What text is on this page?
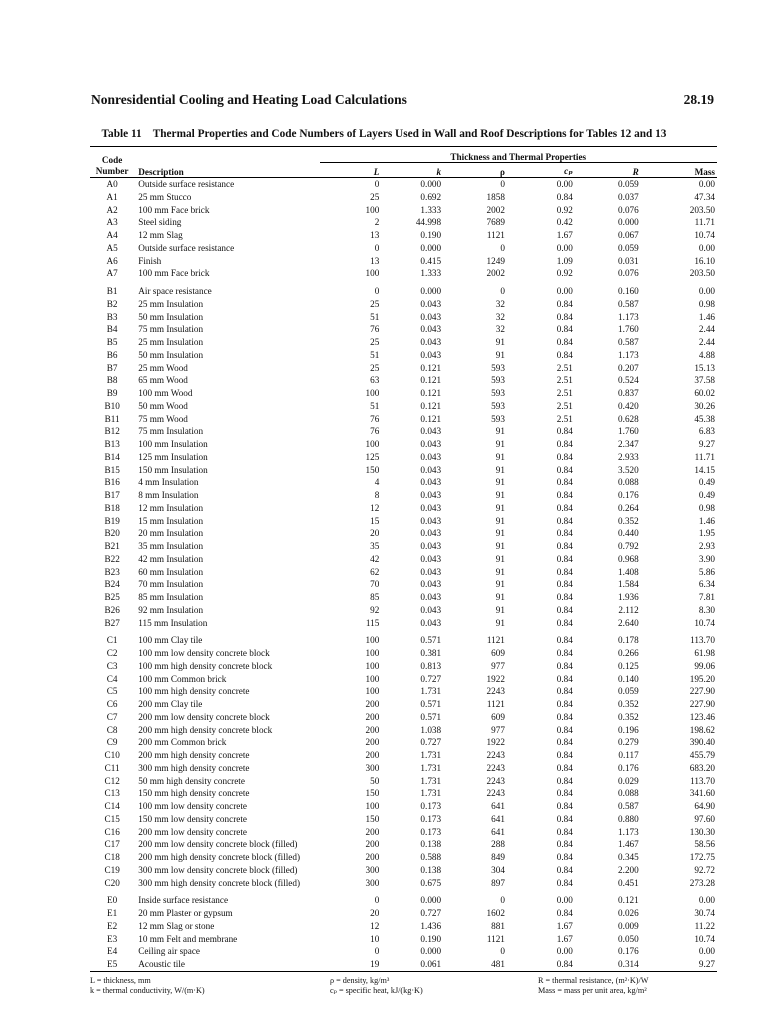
Nonresidential Cooling and Heating Load Calculations	28.19
Table 11    Thermal Properties and Code Numbers of Layers Used in Wall and Roof Descriptions for Tables 12 and 13
Code
Number	Description	Thickness and Thermal Properties					
		L	k	ρ	cₚ	R	Mass
A0	Outside surface resistance	0	0.000	0	0.00	0.059	0.00
A1	25 mm Stucco	25	0.692	1858	0.84	0.037	47.34
A2	100 mm Face brick	100	1.333	2002	0.92	0.076	203.50
A3	Steel siding	2	44.998	7689	0.42	0.000	11.71
A4	12 mm Slag	13	0.190	1121	1.67	0.067	10.74
A5	Outside surface resistance	0	0.000	0	0.00	0.059	0.00
A6	Finish	13	0.415	1249	1.09	0.031	16.10
A7	100 mm Face brick	100	1.333	2002	0.92	0.076	203.50
B1	Air space resistance	0	0.000	0	0.00	0.160	0.00
B2	25 mm Insulation	25	0.043	32	0.84	0.587	0.98
B3	50 mm Insulation	51	0.043	32	0.84	1.173	1.46
B4	75 mm Insulation	76	0.043	32	0.84	1.760	2.44
B5	25 mm Insulation	25	0.043	91	0.84	0.587	2.44
B6	50 mm Insulation	51	0.043	91	0.84	1.173	4.88
B7	25 mm Wood	25	0.121	593	2.51	0.207	15.13
B8	65 mm Wood	63	0.121	593	2.51	0.524	37.58
B9	100 mm Wood	100	0.121	593	2.51	0.837	60.02
B10	50 mm Wood	51	0.121	593	2.51	0.420	30.26
B11	75 mm Wood	76	0.121	593	2.51	0.628	45.38
B12	75 mm Insulation	76	0.043	91	0.84	1.760	6.83
B13	100 mm Insulation	100	0.043	91	0.84	2.347	9.27
B14	125 mm Insulation	125	0.043	91	0.84	2.933	11.71
B15	150 mm Insulation	150	0.043	91	0.84	3.520	14.15
B16	4 mm Insulation	4	0.043	91	0.84	0.088	0.49
B17	8 mm Insulation	8	0.043	91	0.84	0.176	0.49
B18	12 mm Insulation	12	0.043	91	0.84	0.264	0.98
B19	15 mm Insulation	15	0.043	91	0.84	0.352	1.46
B20	20 mm Insulation	20	0.043	91	0.84	0.440	1.95
B21	35 mm Insulation	35	0.043	91	0.84	0.792	2.93
B22	42 mm Insulation	42	0.043	91	0.84	0.968	3.90
B23	60 mm Insulation	62	0.043	91	0.84	1.408	5.86
B24	70 mm Insulation	70	0.043	91	0.84	1.584	6.34
B25	85 mm Insulation	85	0.043	91	0.84	1.936	7.81
B26	92 mm Insulation	92	0.043	91	0.84	2.112	8.30
B27	115 mm Insulation	115	0.043	91	0.84	2.640	10.74
C1	100 mm Clay tile	100	0.571	1121	0.84	0.178	113.70
C2	100 mm low density concrete block	100	0.381	609	0.84	0.266	61.98
C3	100 mm high density concrete block	100	0.813	977	0.84	0.125	99.06
C4	100 mm Common brick	100	0.727	1922	0.84	0.140	195.20
C5	100 mm high density concrete	100	1.731	2243	0.84	0.059	227.90
C6	200 mm Clay tile	200	0.571	1121	0.84	0.352	227.90
C7	200 mm low density concrete block	200	0.571	609	0.84	0.352	123.46
C8	200 mm high density concrete block	200	1.038	977	0.84	0.196	198.62
C9	200 mm Common brick	200	0.727	1922	0.84	0.279	390.40
C10	200 mm high density concrete	200	1.731	2243	0.84	0.117	455.79
C11	300 mm high density concrete	300	1.731	2243	0.84	0.176	683.20
C12	50 mm high density concrete	50	1.731	2243	0.84	0.029	113.70
C13	150 mm high density concrete	150	1.731	2243	0.84	0.088	341.60
C14	100 mm low density concrete	100	0.173	641	0.84	0.587	64.90
C15	150 mm low density concrete	150	0.173	641	0.84	0.880	97.60
C16	200 mm low density concrete	200	0.173	641	0.84	1.173	130.30
C17	200 mm low density concrete block (filled)	200	0.138	288	0.84	1.467	58.56
C18	200 mm high density concrete block (filled)	200	0.588	849	0.84	0.345	172.75
C19	300 mm low density concrete block (filled)	300	0.138	304	0.84	2.200	92.72
C20	300 mm high density concrete block (filled)	300	0.675	897	0.84	0.451	273.28
E0	Inside surface resistance	0	0.000	0	0.00	0.121	0.00
E1	20 mm Plaster or gypsum	20	0.727	1602	0.84	0.026	30.74
E2	12 mm Slag or stone	12	1.436	881	1.67	0.009	11.22
E3	10 mm Felt and membrane	10	0.190	1121	1.67	0.050	10.74
E4	Ceiling air space	0	0.000	0	0.00	0.176	0.00
E5	Acoustic tile	19	0.061	481	0.84	0.314	9.27
L = thickness, mm
k = thermal conductivity, W/(m·K)
ρ = density, kg/m³
cₚ = specific heat, kJ/(kg·K)
R = thermal resistance, (m²·K)/W
Mass = mass per unit area, kg/m²
